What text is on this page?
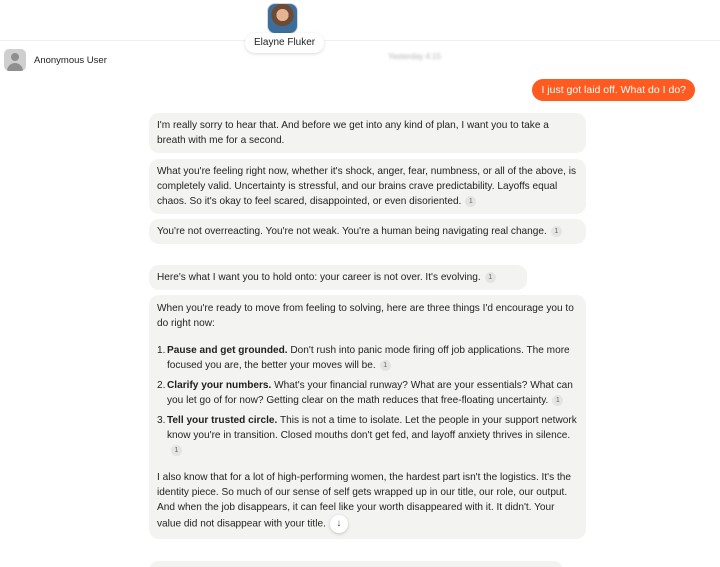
Elayne Fluker
Anonymous User	Yesterday 4:15
I just got laid off. What do I do?
I'm really sorry to hear that. And before we get into any kind of plan, I want you to take a breath with me for a second.
What you're feeling right now, whether it's shock, anger, fear, numbness, or all of the above, is completely valid. Uncertainty is stressful, and our brains crave predictability. Layoffs equal chaos. So it's okay to feel scared, disappointed, or even disoriented. 1
You're not overreacting. You're not weak. You're a human being navigating real change. 1
Here's what I want you to hold onto: your career is not over. It's evolving. 1

When you're ready to move from feeling to solving, here are three things I'd encourage you to do right now:

1. Pause and get grounded. Don't rush into panic mode firing off job applications. The more focused you are, the better your moves will be. 1
2. Clarify your numbers. What's your financial runway? What are your essentials? What can you let go of for now? Getting clear on the math reduces that free-floating uncertainty. 1
3. Tell your trusted circle. This is not a time to isolate. Let the people in your support network know you're in transition. Closed mouths don't get fed, and layoff anxiety thrives in silence.1

I also know that for a lot of high-performing women, the hardest part isn't the logistics. It's the identity piece. So much of our sense of self gets wrapped up in our title, our role, our output. And when the job disappears, it can feel like your worth disappeared with it. It didn't. Your value did not disappear with your title. ↓
